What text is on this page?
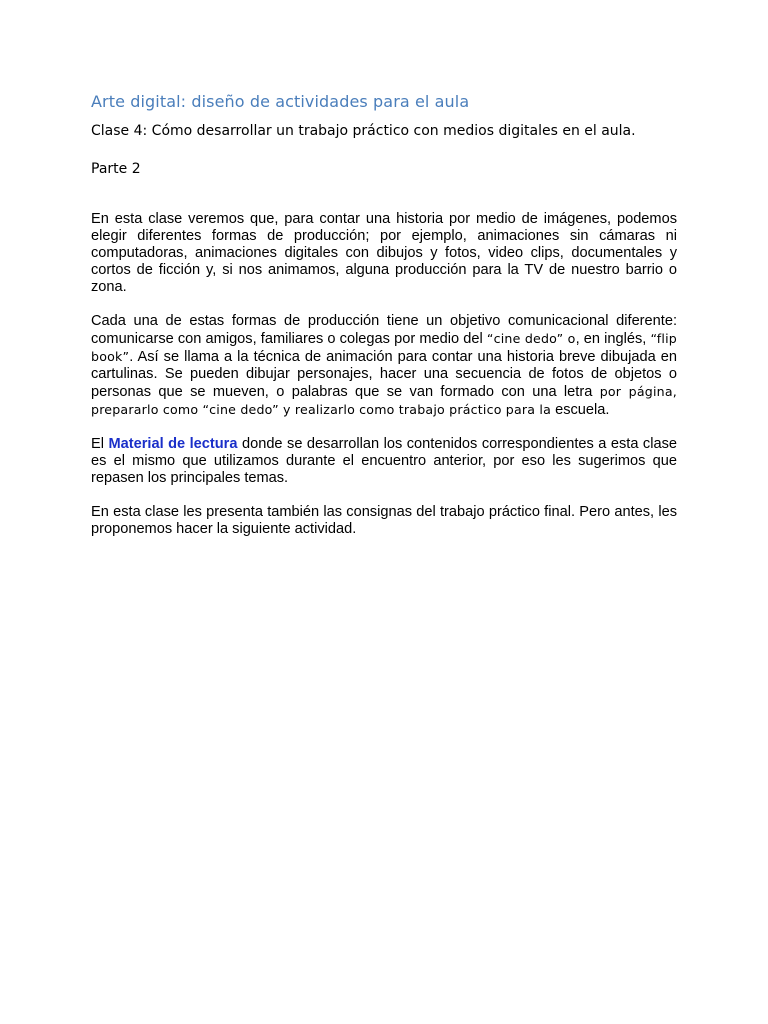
Arte digital: diseño de actividades para el aula
Clase 4: Cómo desarrollar un trabajo práctico con medios digitales en el aula.
Parte 2

En esta clase veremos que, para contar una historia por medio de imágenes, podemos elegir diferentes formas de producción; por ejemplo, animaciones sin cámaras ni computadoras, animaciones digitales con dibujos y fotos, video clips, documentales y cortos de ficción y, si nos animamos, alguna producción para la TV de nuestro barrio o zona.

Cada una de estas formas de producción tiene un objetivo comunicacional diferente: comunicarse con amigos, familiares o colegas por medio del “cine dedo” o, en inglés, “flip book”. Así se llama a la técnica de animación para contar una historia breve dibujada en cartulinas. Se pueden dibujar personajes, hacer una secuencia de fotos de objetos o personas que se mueven, o palabras que se van formado con una letra por página, prepararlo como “cine dedo” y realizarlo como trabajo práctico para la escuela.

El Material de lectura donde se desarrollan los contenidos correspondientes a esta clase es el mismo que utilizamos durante el encuentro anterior, por eso les sugerimos que repasen los principales temas.

En esta clase les presenta también las consignas del trabajo práctico final. Pero antes, les proponemos hacer la siguiente actividad.
